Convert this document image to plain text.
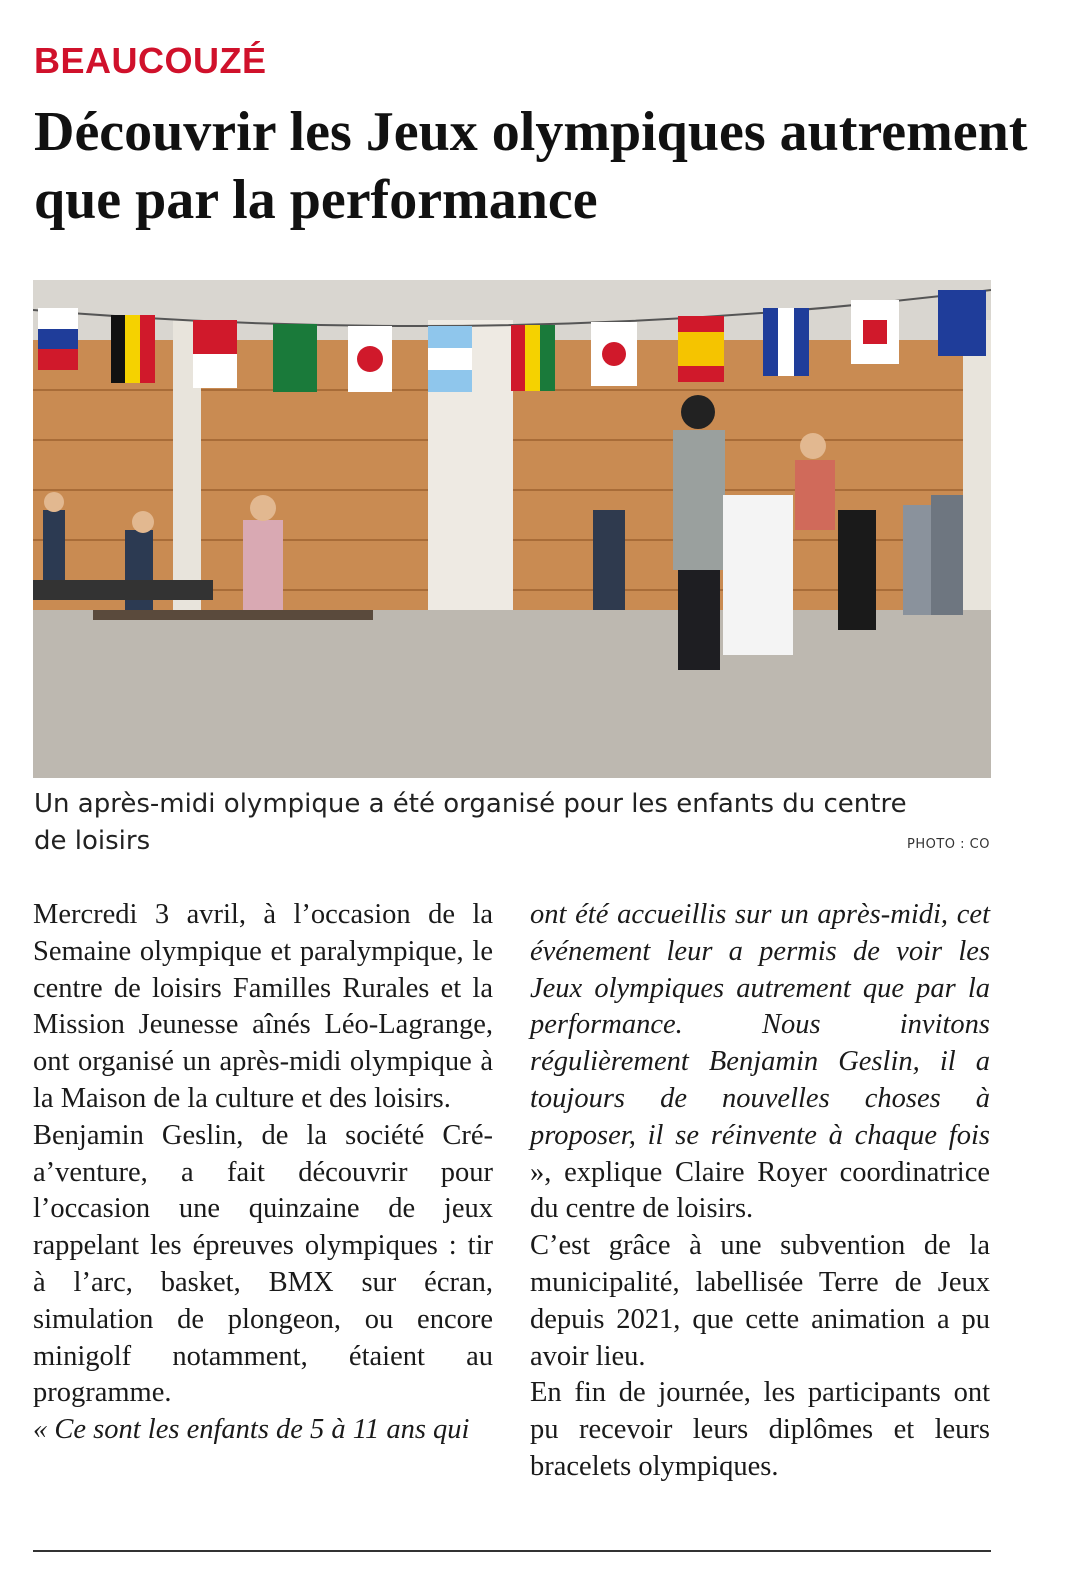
BEAUCOUZÉ
Découvrir les Jeux olympiques autrement que par la performance

Un après-midi olympique a été organisé pour les enfants du centre de loisirs	PHOTO : CO

Mercredi 3 avril, à l’occasion de la Semaine olympique et paralympique, le centre de loisirs Familles Rurales et la Mission Jeunesse aînés Léo-Lagrange, ont organisé un après-midi olympique à la Maison de la culture et des loisirs.

Benjamin Geslin, de la société Cré-a’venture, a fait découvrir pour l’occasion une quinzaine de jeux rappelant les épreuves olympiques : tir à l’arc, basket, BMX sur écran, simulation de plongeon, ou encore minigolf notamment, étaient au programme.

« Ce sont les enfants de 5 à 11 ans qui

ont été accueillis sur un après-midi, cet événement leur a permis de voir les Jeux olympiques autrement que par la performance. Nous invitons régulièrement Benjamin Geslin, il a toujours de nouvelles choses à proposer, il se réinvente à chaque fois », explique Claire Royer coordinatrice du centre de loisirs.

C’est grâce à une subvention de la municipalité, labellisée Terre de Jeux depuis 2021, que cette animation a pu avoir lieu.

En fin de journée, les participants ont pu recevoir leurs diplômes et leurs bracelets olympiques.
